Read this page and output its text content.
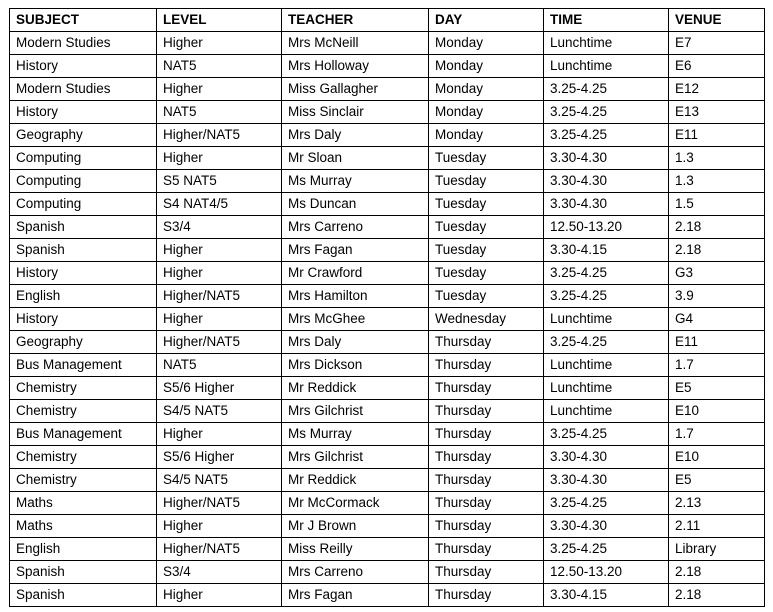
SUBJECT	LEVEL	TEACHER	DAY	TIME	VENUE
Modern Studies	Higher	Mrs McNeill	Monday	Lunchtime	E7
History	NAT5	Mrs Holloway	Monday	Lunchtime	E6
Modern Studies	Higher	Miss Gallagher	Monday	3.25-4.25	E12
History	NAT5	Miss Sinclair	Monday	3.25-4.25	E13
Geography	Higher/NAT5	Mrs Daly	Monday	3.25-4.25	E11
Computing	Higher	Mr Sloan	Tuesday	3.30-4.30	1.3
Computing	S5 NAT5	Ms Murray	Tuesday	3.30-4.30	1.3
Computing	S4 NAT4/5	Ms Duncan	Tuesday	3.30-4.30	1.5
Spanish	S3/4	Mrs Carreno	Tuesday	12.50-13.20	2.18
Spanish	Higher	Mrs Fagan	Tuesday	3.30-4.15	2.18
History	Higher	Mr Crawford	Tuesday	3.25-4.25	G3
English	Higher/NAT5	Mrs Hamilton	Tuesday	3.25-4.25	3.9
History	Higher	Mrs McGhee	Wednesday	Lunchtime	G4
Geography	Higher/NAT5	Mrs Daly	Thursday	3.25-4.25	E11
Bus Management	NAT5	Mrs Dickson	Thursday	Lunchtime	1.7
Chemistry	S5/6 Higher	Mr Reddick	Thursday	Lunchtime	E5
Chemistry	S4/5 NAT5	Mrs Gilchrist	Thursday	Lunchtime	E10
Bus Management	Higher	Ms Murray	Thursday	3.25-4.25	1.7
Chemistry	S5/6 Higher	Mrs Gilchrist	Thursday	3.30-4.30	E10
Chemistry	S4/5 NAT5	Mr Reddick	Thursday	3.30-4.30	E5
Maths	Higher/NAT5	Mr McCormack	Thursday	3.25-4.25	2.13
Maths	Higher	Mr J Brown	Thursday	3.30-4.30	2.11
English	Higher/NAT5	Miss Reilly	Thursday	3.25-4.25	Library
Spanish	S3/4	Mrs Carreno	Thursday	12.50-13.20	2.18
Spanish	Higher	Mrs Fagan	Thursday	3.30-4.15	2.18
